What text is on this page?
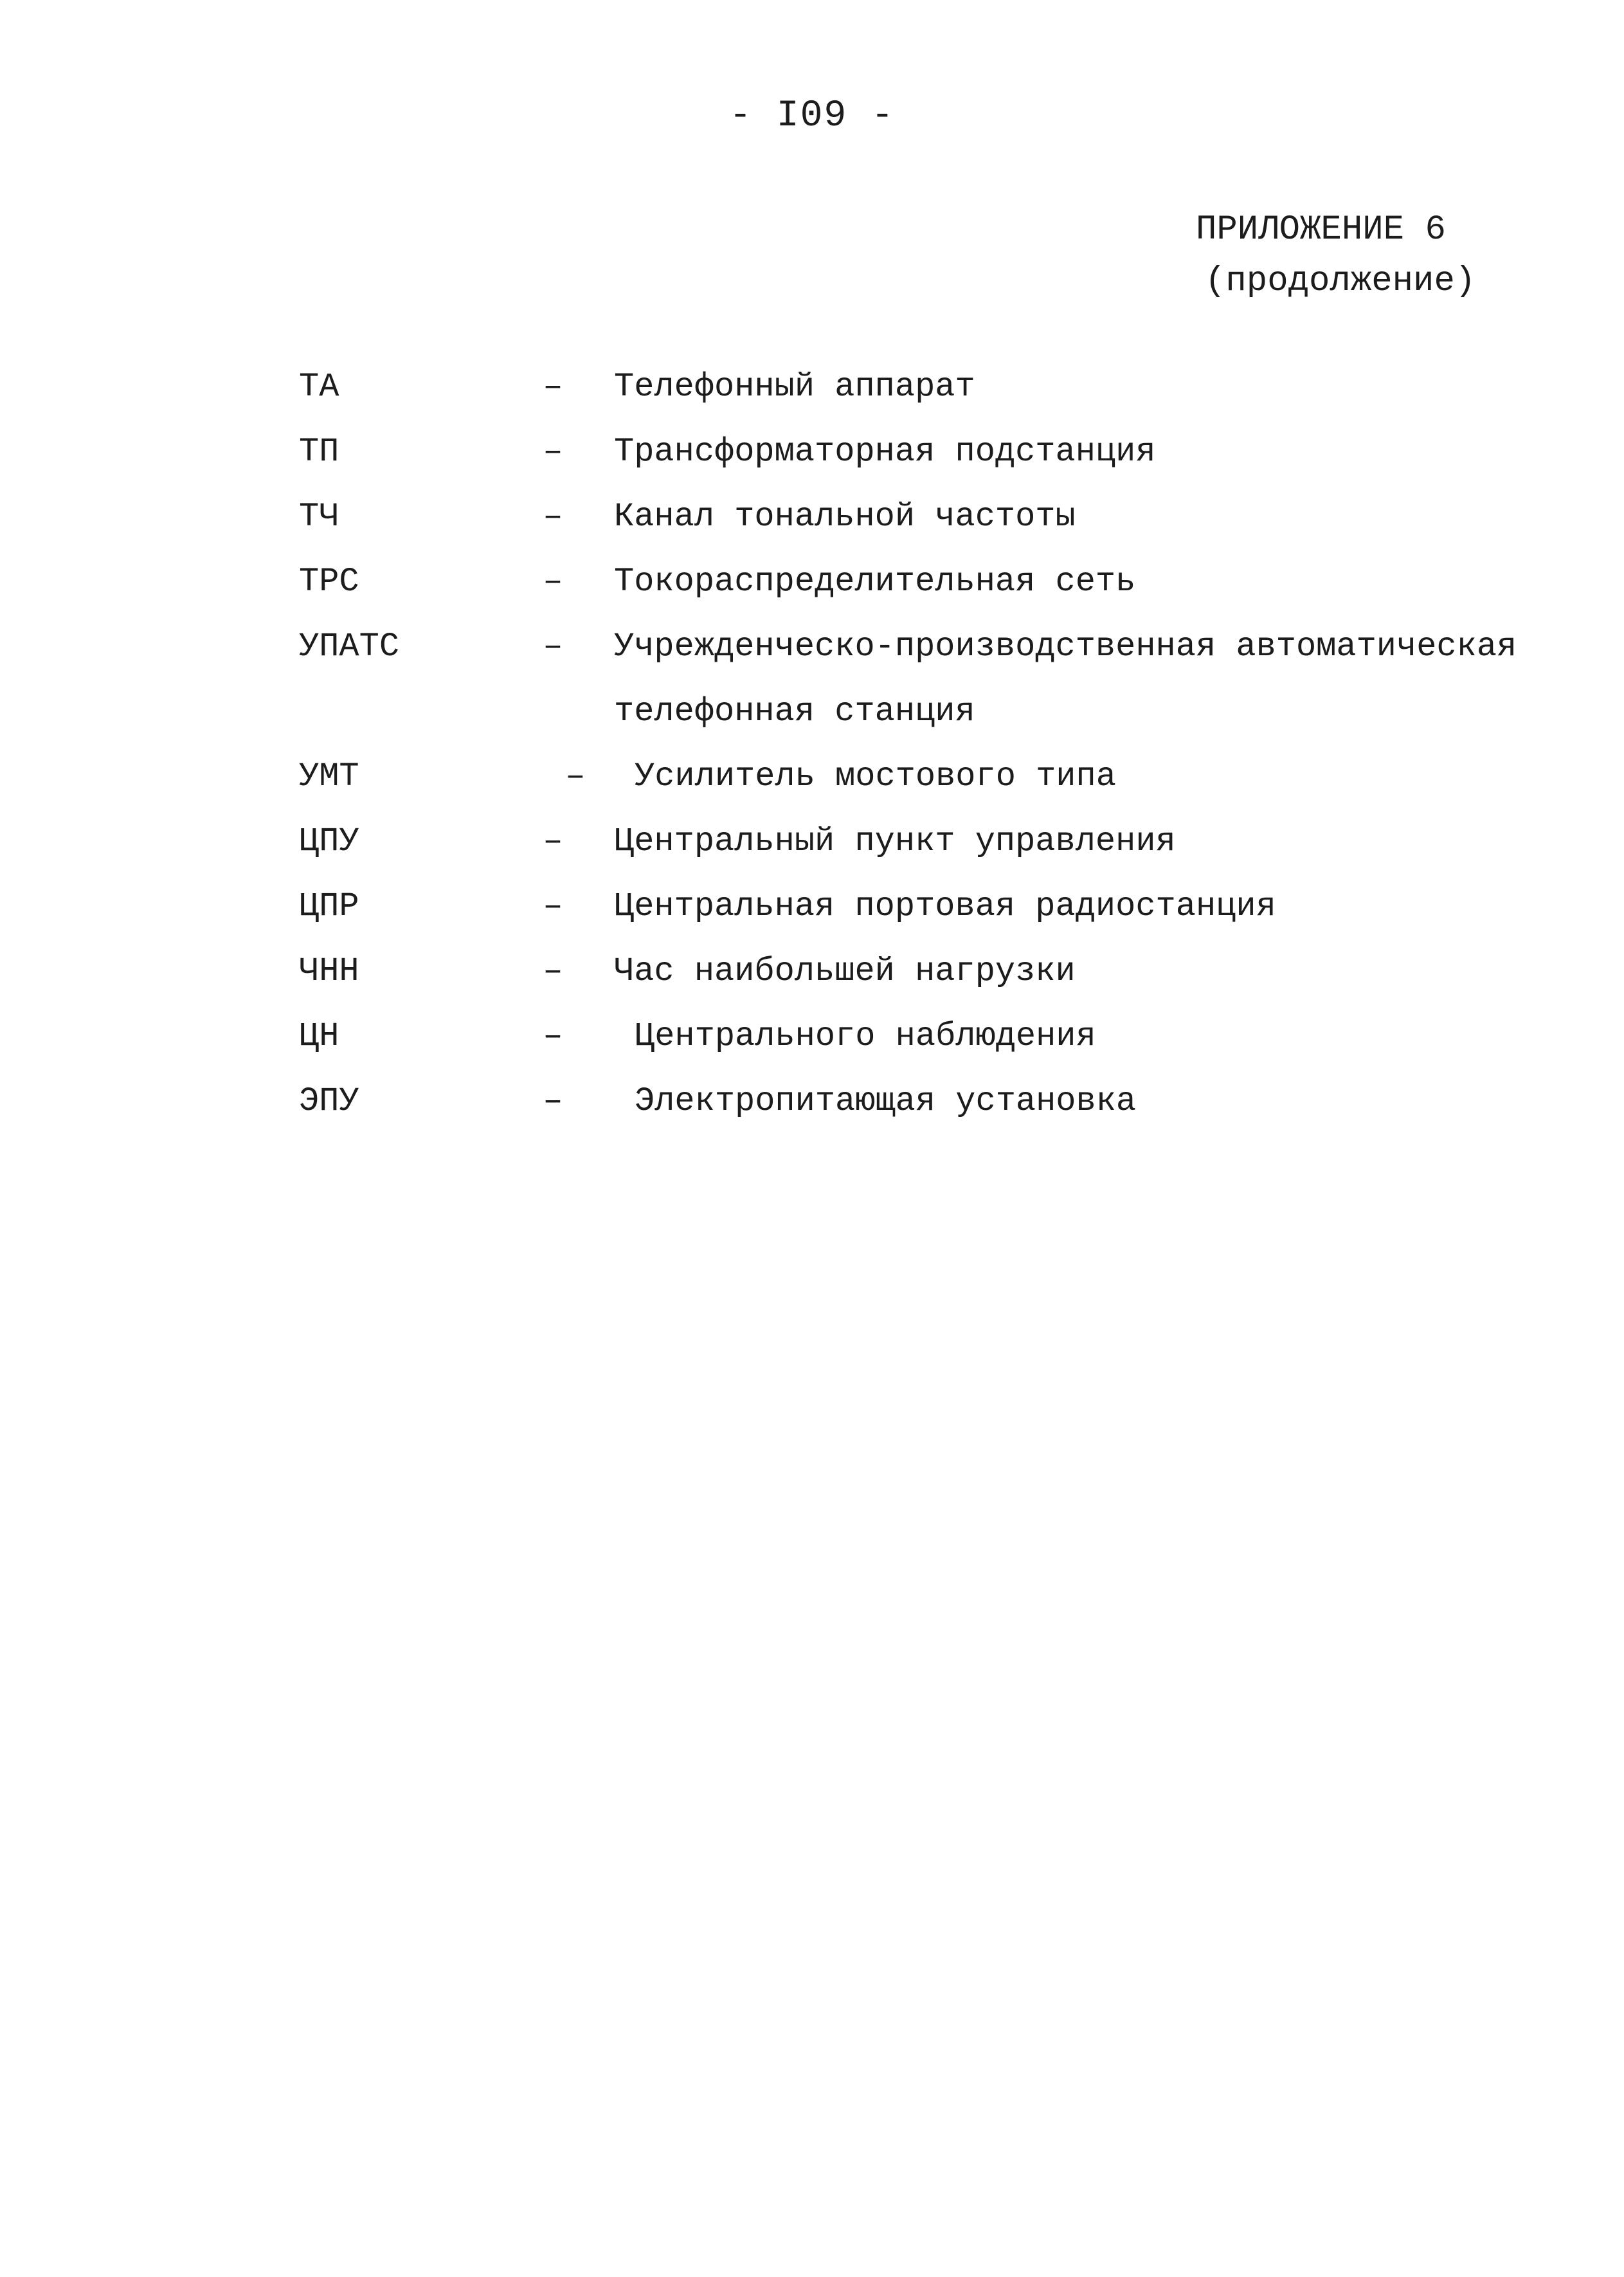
- I09 -
ПРИЛОЖЕНИЕ 6
(продолжение)
ТА	–	Телефонный аппарат
ТП	–	Трансформаторная подстанция
ТЧ	–	Канал тональной частоты
ТРС	–	Токораспределительная сеть
УПАТС	–	Учрежденческо-производственная автоматическая
телефонная станция
УМТ	–	Усилитель мостового типа
ЦПУ	–	Центральный пункт управления
ЦПР	–	Центральная портовая радиостанция
ЧНН	–	Час наибольшей нагрузки
ЦН	–	Центрального наблюдения
ЭПУ	–	Электропитающая установка
